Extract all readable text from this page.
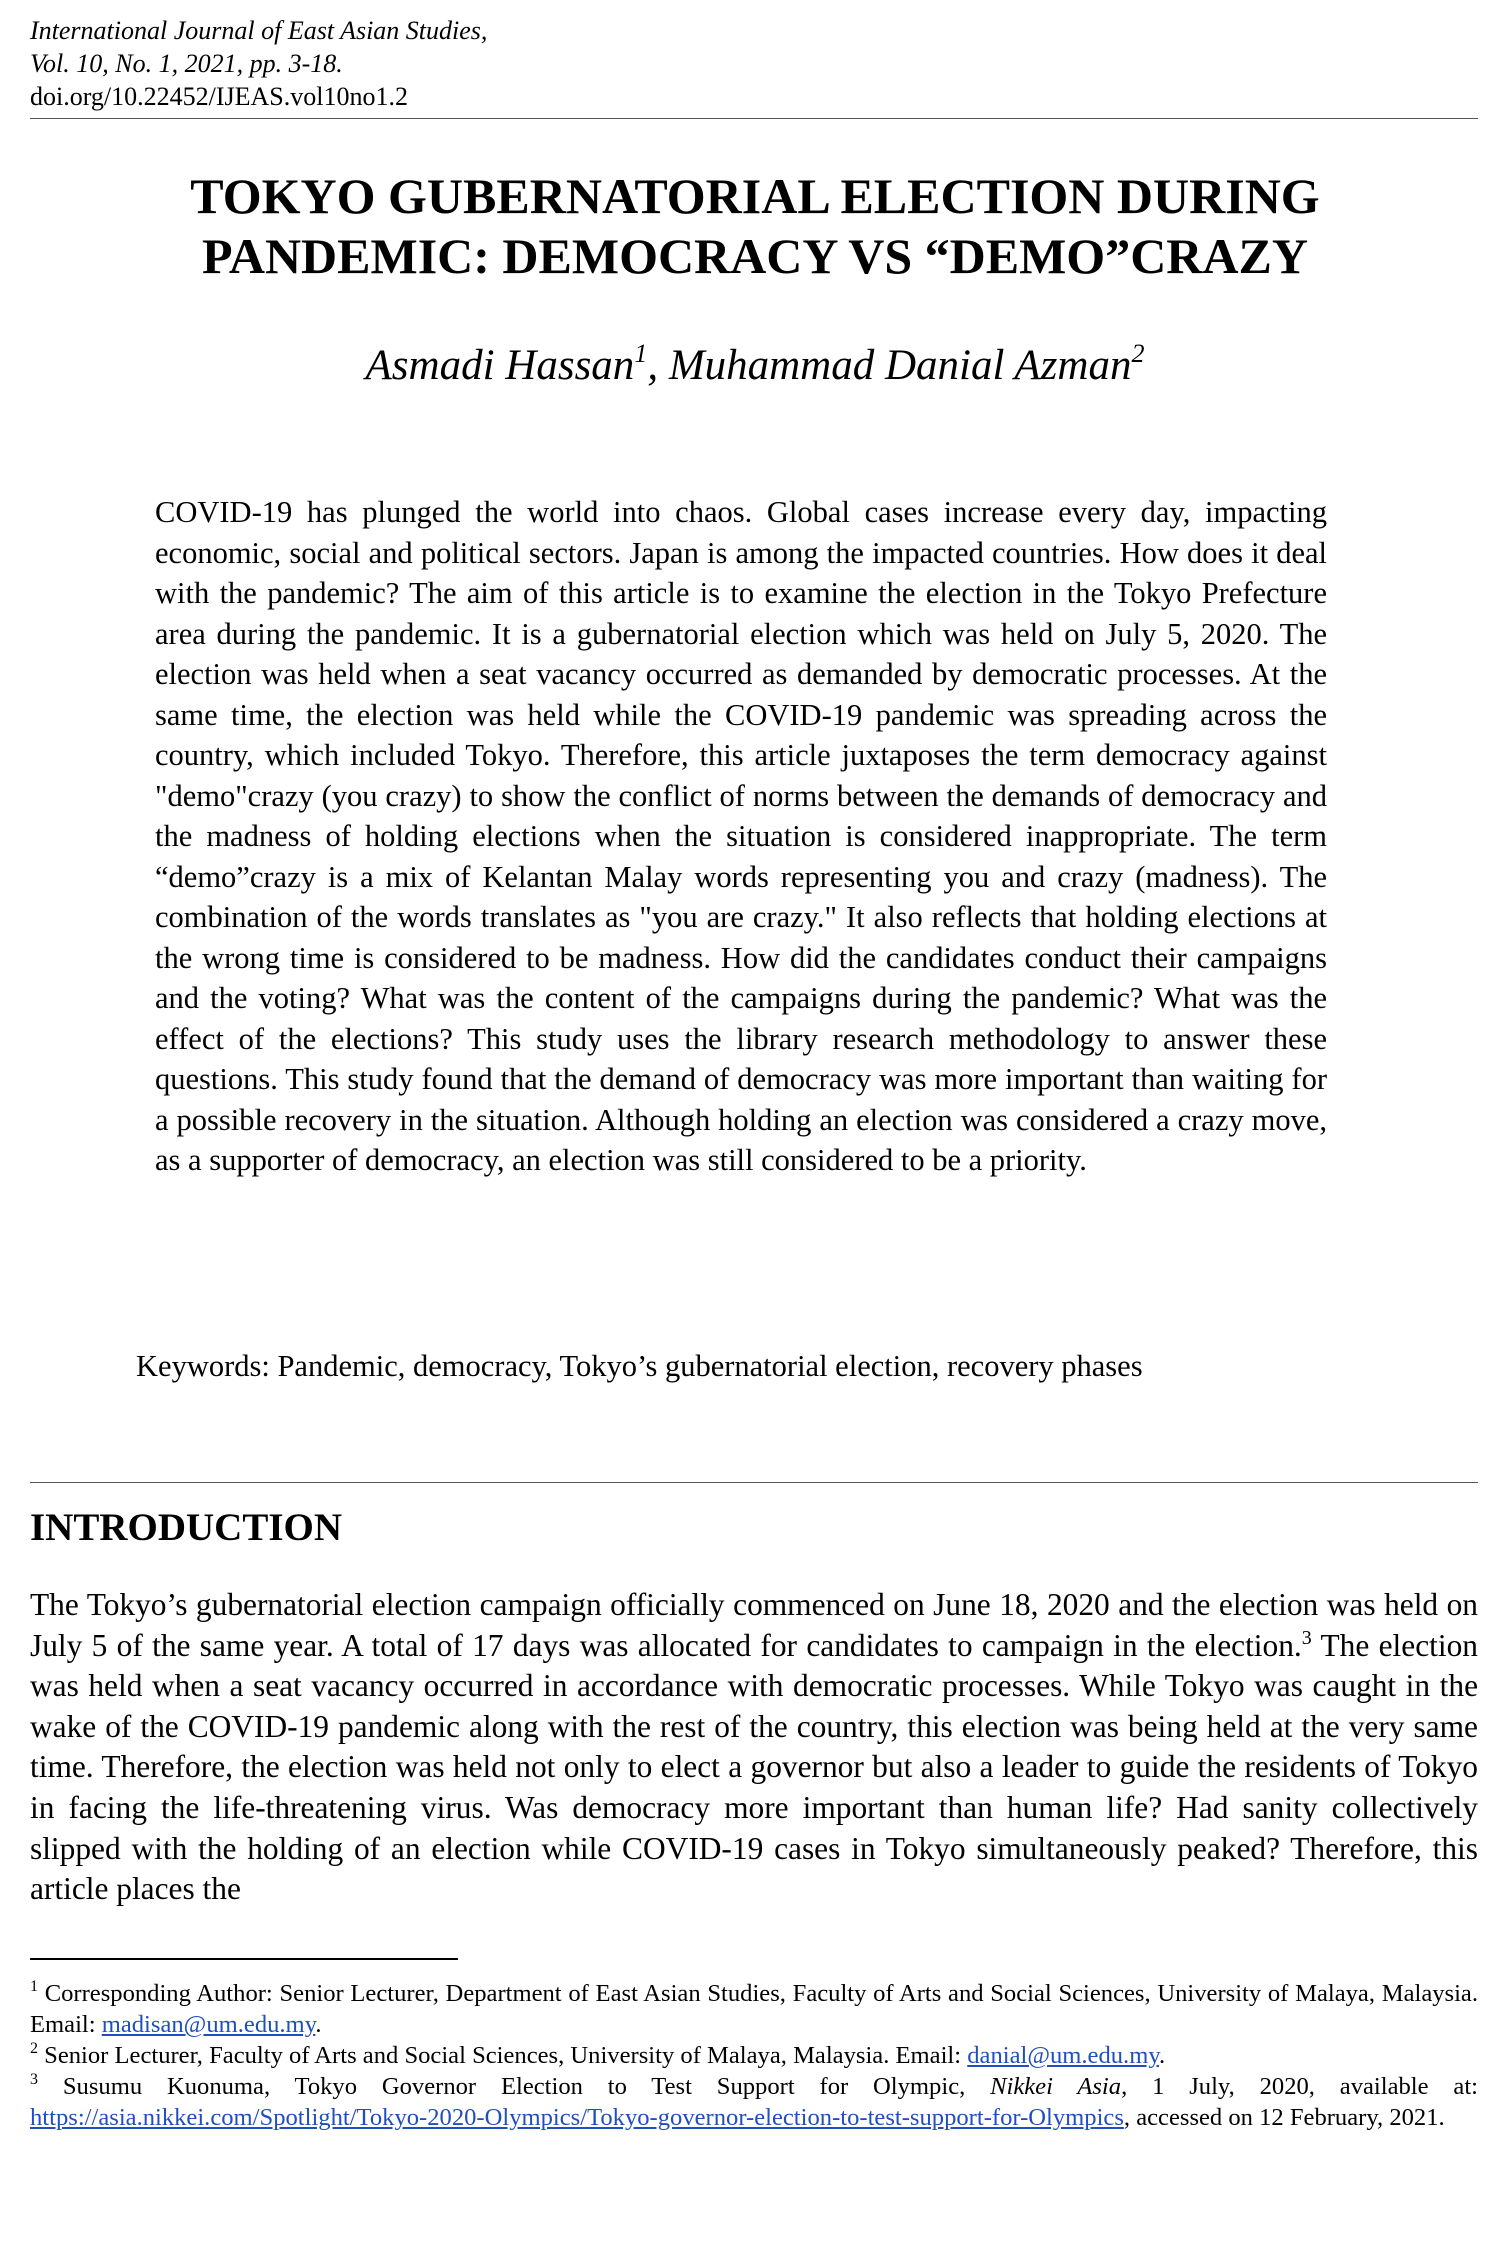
International Journal of East Asian Studies,
Vol. 10, No. 1, 2021, pp. 3-18.
doi.org/10.22452/IJEAS.vol10no1.2
TOKYO GUBERNATORIAL ELECTION DURING
PANDEMIC: DEMOCRACY VS “DEMO”CRAZY
Asmadi Hassan$^1$, Muhammad Danial Azman$^2$

COVID-19 has plunged the world into chaos. Global cases increase every day, impacting economic, social and political sectors. Japan is among the impacted countries. How does it deal with the pandemic? The aim of this article is to examine the election in the Tokyo Prefecture area during the pandemic. It is a gubernatorial election which was held on July 5, 2020. The election was held when a seat vacancy occurred as demanded by democratic processes. At the same time, the election was held while the COVID-19 pandemic was spreading across the country, which included Tokyo. Therefore, this article juxtaposes the term democracy against "demo"crazy (you crazy) to show the conflict of norms between the demands of democracy and the madness of holding elections when the situation is considered inappropriate. The term “demo”crazy is a mix of Kelantan Malay words representing you and crazy (madness). The combination of the words translates as "you are crazy." It also reflects that holding elections at the wrong time is considered to be madness. How did the candidates conduct their campaigns and the voting? What was the content of the campaigns during the pandemic? What was the effect of the elections? This study uses the library research methodology to answer these questions. This study found that the demand of democracy was more important than waiting for a possible recovery in the situation. Although holding an election was considered a crazy move, as a supporter of democracy, an election was still considered to be a priority.

Keywords: Pandemic, democracy, Tokyo’s gubernatorial election, recovery phases
INTRODUCTION

The Tokyo’s gubernatorial election campaign officially commenced on June 18, 2020 and the election was held on July 5 of the same year. A total of 17 days was allocated for candidates to campaign in the election.$^3$ The election was held when a seat vacancy occurred in accordance with democratic processes. While Tokyo was caught in the wake of the COVID-19 pandemic along with the rest of the country, this election was being held at the very same time. Therefore, the election was held not only to elect a governor but also a leader to guide the residents of Tokyo in facing the life-threatening virus. Was democracy more important than human life? Had sanity collectively slipped with the holding of an election while COVID-19 cases in Tokyo simultaneously peaked? Therefore, this article places the

$^1$ Corresponding Author: Senior Lecturer, Department of East Asian Studies, Faculty of Arts and Social Sciences, University of Malaya, Malaysia. Email: madisan@um.edu.my.

$^2$ Senior Lecturer, Faculty of Arts and Social Sciences, University of Malaya, Malaysia. Email: danial@um.edu.my.

$^3$ Susumu Kuonuma, Tokyo Governor Election to Test Support for Olympic, Nikkei Asia, 1 July, 2020, available at: https://asia.nikkei.com/Spotlight/Tokyo-2020-Olympics/Tokyo-governor-election-to-test-support-for-Olympics, accessed on 12 February, 2021.
